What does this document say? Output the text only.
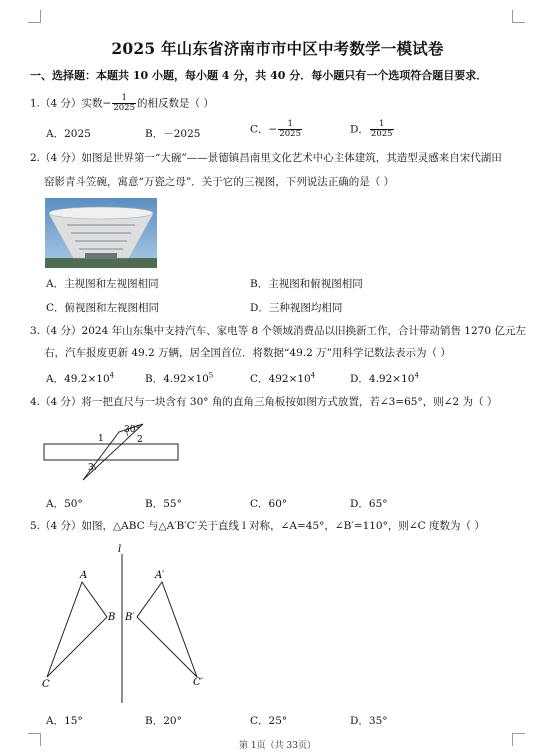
2025 年山东省济南市市中区中考数学一模试卷
一、选择题：本题共 10 小题，每小题 4 分，共 40 分．每小题只有一个选项符合题目要求．
1.（4 分）实数− $\frac{1}{2025}$ 的相反数是（ ）
A．2025	B．－2025	C．− $\frac{1}{2025}$	D． $\frac{1}{2025}$
2.（4 分）如图是世界第一“大碗”——景德镇昌南里文化艺术中心主体建筑，其造型灵感来自宋代湖田
窑影青斗笠碗，寓意“万瓷之母”．关于它的三视图，下列说法正确的是（ ）
A．主视图和左视图相同	B．主视图和俯视图相同
C．俯视图和左视图相同	D．三种视图均相同
3.（4 分）2024 年山东集中支持汽车、家电等 8 个领域消费品以旧换新工作，合计带动销售 1270 亿元左
右，汽车报废更新 49.2 万辆，居全国首位．将数据“49.2 万”用科学记数法表示为（ ）
A．$49.2\times 10^4$	B．$4.92\times 10^5$	C．$492\times 10^4$	D．$4.92\times 10^4$
4.（4 分）将一把直尺与一块含有 30° 角的直角三角板按如图方式放置，若∠3=65°，则∠2 为（ ）
30°
1	2
3
A．50°	B．55°	C．60°	D．65°
5.（4 分）如图，△ABC 与△A′B′C′关于直线 l 对称，∠A=45°，∠B′=110°，则∠C 度数为（ ）
l
A
B
C
A′
B′
C′
A．15°	B．20°	C．25°	D．35°
第 1页（共 33页）
